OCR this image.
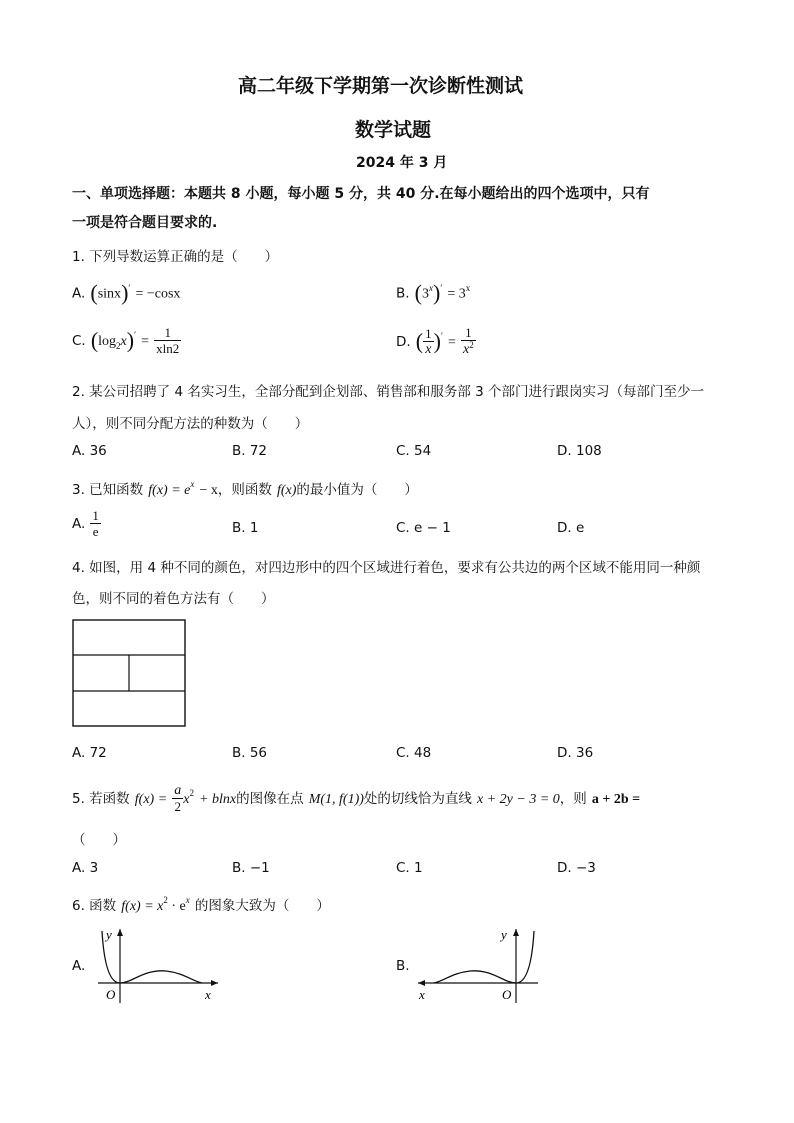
高二年级下学期第一次诊断性测试
数学试题
2024 年 3 月
一、单项选择题：本题共 8 小题，每小题 5 分，共 40 分.在每小题给出的四个选项中，只有
一项是符合题目要求的.
1. 下列导数运算正确的是（　　）
A. (sinx)′ = −cosx	B. $(3^x)' = 3^x$
C. $(\log_2x)' = \frac{1}{xln2}$	D. ( $\frac{1}{x} )' = \frac{1}{x^2}$
2. 某公司招聘了 4 名实习生，全部分配到企划部、销售部和服务部 3 个部门进行跟岗实习（每部门至少一
人），则不同分配方法的种数为（　　）
A. 36	B. 72	C. 54	D. 108
3. 已知函数 $f(x) = e^x - x$，则函数 f(x)的最小值为（　　）
A. $\frac{1}{e}$	B. 1	C. e − 1	D. e
4. 如图，用 4 种不同的颜色，对四边形中的四个区域进行着色，要求有公共边的两个区域不能用同一种颜
色，则不同的着色方法有（　　）
A. 72	B. 56	C. 48	D. 36
5. 若函数 $f(x) = \frac{a}{2} x^2 + blnx$的图像在点 M(1, f(1))处的切线恰为直线 x + 2y − 3 = 0，则 a + 2b =
（　　）
A. 3	B. −1	C. 1	D. −3
6. 函数 $f(x) = x^2 \cdot e^x$ 的图象大致为（　　）
A.
y
x
O
B.
y
x	O
